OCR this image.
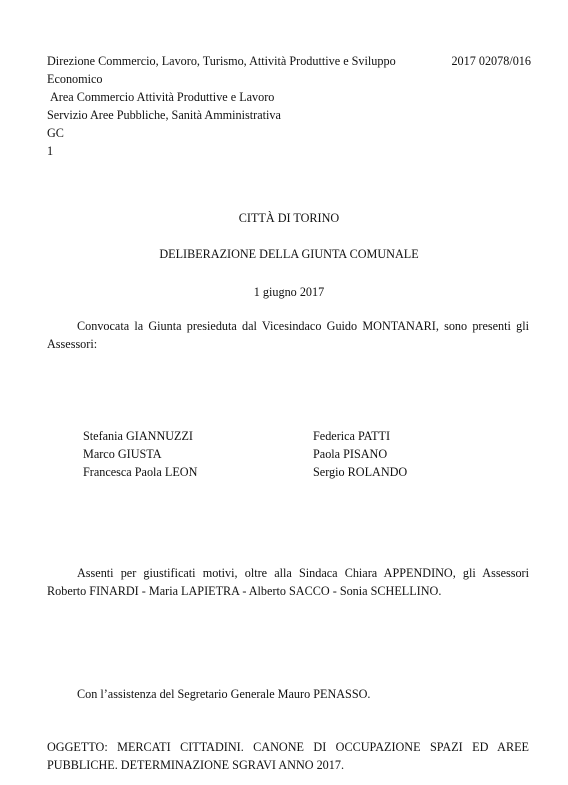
Direzione Commercio, Lavoro, Turismo, Attività Produttive e Sviluppo	2017 02078/016
Economico
Area Commercio Attività Produttive e Lavoro
Servizio Aree Pubbliche, Sanità Amministrativa
GC
1
CITTÀ DI TORINO
DELIBERAZIONE DELLA GIUNTA COMUNALE
1 giugno 2017
Convocata la Giunta presieduta dal Vicesindaco Guido MONTANARI, sono presenti gli Assessori:
Stefania GIANNUZZI
Marco GIUSTA
Francesca Paola LEON
Federica PATTI
Paola PISANO
Sergio ROLANDO
Assenti per giustificati motivi, oltre alla Sindaca Chiara APPENDINO, gli Assessori Roberto FINARDI - Maria LAPIETRA - Alberto SACCO - Sonia SCHELLINO.
Con l’assistenza del Segretario Generale Mauro PENASSO.
OGGETTO: MERCATI CITTADINI. CANONE DI OCCUPAZIONE SPAZI ED AREE PUBBLICHE. DETERMINAZIONE SGRAVI ANNO 2017.
